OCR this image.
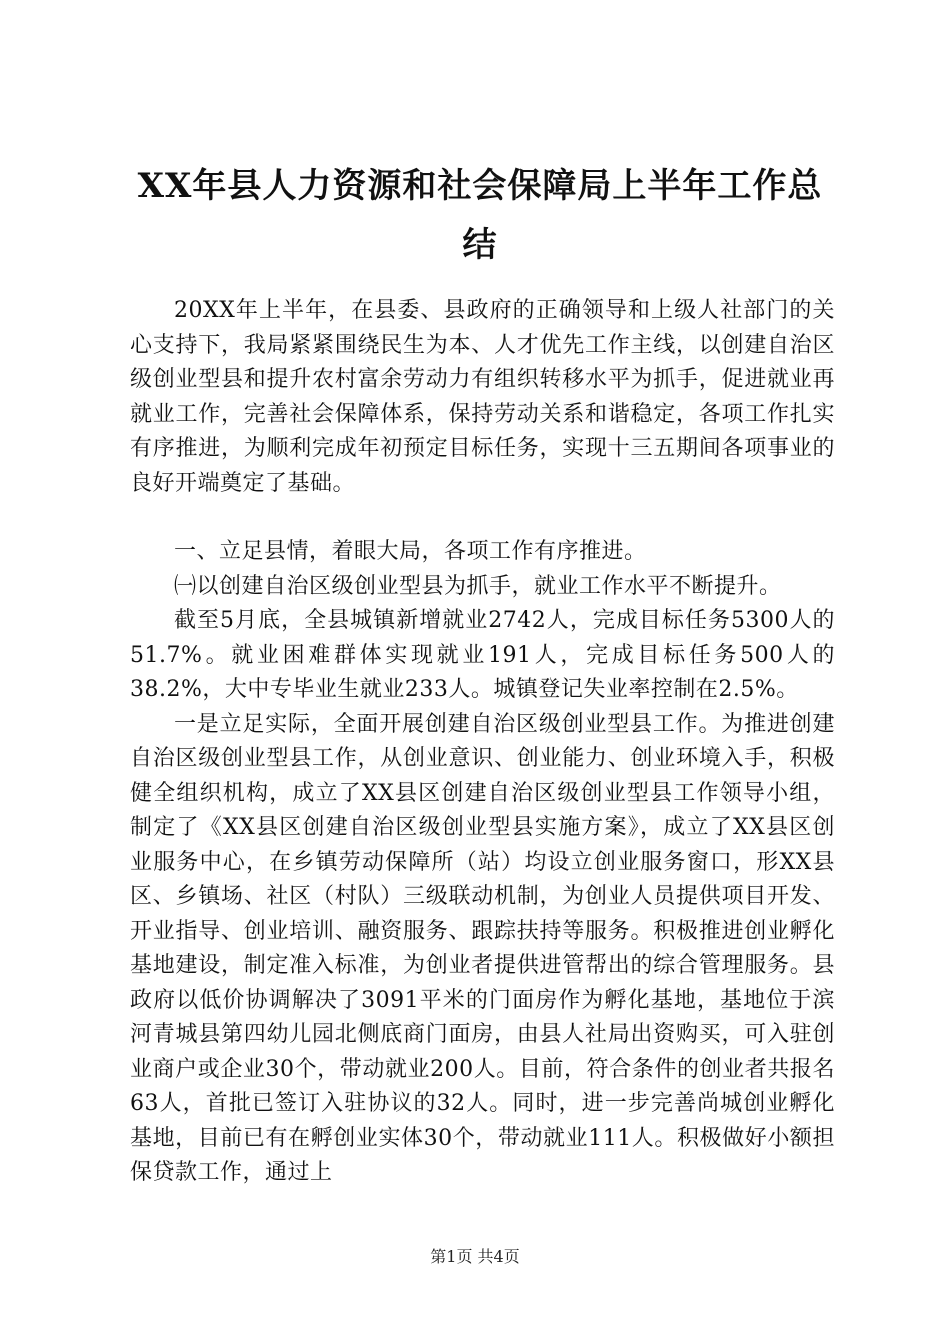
XX年县人力资源和社会保障局上半年工作总
结

20XX年上半年，在县委、县政府的正确领导和上级人社部门的关心支持下，我局紧紧围绕民生为本、人才优先工作主线，以创建自治区级创业型县和提升农村富余劳动力有组织转移水平为抓手，促进就业再就业工作，完善社会保障体系，保持劳动关系和谐稳定，各项工作扎实有序推进，为顺利完成年初预定目标任务，实现十三五期间各项事业的良好开端奠定了基础。

一、立足县情，着眼大局，各项工作有序推进。

㈠以创建自治区级创业型县为抓手，就业工作水平不断提升。

截至5月底，全县城镇新增就业2742人，完成目标任务5300人的51.7%。就业困难群体实现就业191人，完成目标任务500人的38.2%，大中专毕业生就业233人。城镇登记失业率控制在2.5%。

一是立足实际，全面开展创建自治区级创业型县工作。为推进创建自治区级创业型县工作，从创业意识、创业能力、创业环境入手，积极健全组织机构，成立了XX县区创建自治区级创业型县工作领导小组，制定了《XX县区创建自治区级创业型县实施方案》，成立了XX县区创业服务中心，在乡镇劳动保障所（站）均设立创业服务窗口，形XX县区、乡镇场、社区（村队）三级联动机制，为创业人员提供项目开发、开业指导、创业培训、融资服务、跟踪扶持等服务。积极推进创业孵化基地建设，制定准入标准，为创业者提供进管帮出的综合管理服务。县政府以低价协调解决了3091平米的门面房作为孵化基地，基地位于滨河青城县第四幼儿园北侧底商门面房，由县人社局出资购买，可入驻创业商户或企业30个，带动就业200人。目前，符合条件的创业者共报名63人，首批已签订入驻协议的32人。同时，进一步完善尚城创业孵化基地，目前已有在孵创业实体30个，带动就业111人。积极做好小额担保贷款工作，通过上

第1页 共4页
